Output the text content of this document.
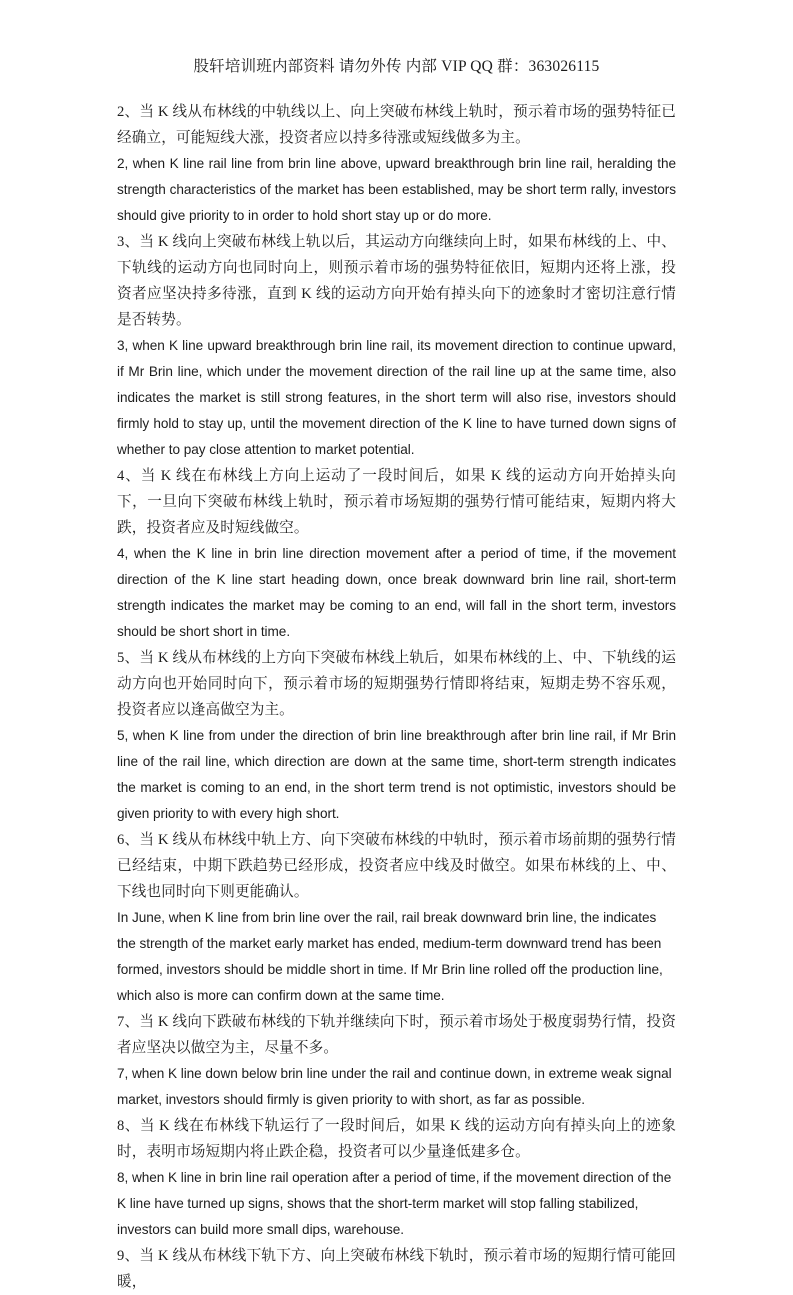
股轩培训班内部资料 请勿外传 内部 VIP QQ 群：363026115

2、当 K 线从布林线的中轨线以上、向上突破布林线上轨时，预示着市场的强势特征已经确立，可能短线大涨，投资者应以持多待涨或短线做多为主。

2, when K line rail line from brin line above, upward breakthrough brin line rail, heralding the strength characteristics of the market has been established, may be short term rally, investors should give priority to in order to hold short stay up or do more.

3、当 K 线向上突破布林线上轨以后，其运动方向继续向上时，如果布林线的上、中、下轨线的运动方向也同时向上，则预示着市场的强势特征依旧，短期内还将上涨，投资者应坚决持多待涨，直到 K 线的运动方向开始有掉头向下的迹象时才密切注意行情是否转势。

3, when K line upward breakthrough brin line rail, its movement direction to continue upward, if Mr Brin line, which under the movement direction of the rail line up at the same time, also indicates the market is still strong features, in the short term will also rise, investors should firmly hold to stay up, until the movement direction of the K line to have turned down signs of whether to pay close attention to market potential.

4、当 K 线在布林线上方向上运动了一段时间后，如果 K 线的运动方向开始掉头向下，一旦向下突破布林线上轨时，预示着市场短期的强势行情可能结束，短期内将大跌，投资者应及时短线做空。

4, when the K line in brin line direction movement after a period of time, if the movement direction of the K line start heading down, once break downward brin line rail, short-term strength indicates the market may be coming to an end, will fall in the short term, investors should be short short in time.

5、当 K 线从布林线的上方向下突破布林线上轨后，如果布林线的上、中、下轨线的运动方向也开始同时向下，预示着市场的短期强势行情即将结束，短期走势不容乐观，投资者应以逢高做空为主。

5, when K line from under the direction of brin line breakthrough after brin line rail, if Mr Brin line of the rail line, which direction are down at the same time, short-term strength indicates the market is coming to an end, in the short term trend is not optimistic, investors should be given priority to with every high short.

6、当 K 线从布林线中轨上方、向下突破布林线的中轨时，预示着市场前期的强势行情已经结束，中期下跌趋势已经形成，投资者应中线及时做空。如果布林线的上、中、下线也同时向下则更能确认。

In June, when K line from brin line over the rail, rail break downward brin line, the indicates the strength of the market early market has ended, medium-term downward trend has been formed, investors should be middle short in time. If Mr Brin line rolled off the production line, which also is more can confirm down at the same time.

7、当 K 线向下跌破布林线的下轨并继续向下时，预示着市场处于极度弱势行情，投资者应坚决以做空为主，尽量不多。

7, when K line down below brin line under the rail and continue down, in extreme weak signal market, investors should firmly is given priority to with short, as far as possible.

8、当 K 线在布林线下轨运行了一段时间后，如果 K 线的运动方向有掉头向上的迹象时，表明市场短期内将止跌企稳，投资者可以少量逢低建多仓。

8, when K line in brin line rail operation after a period of time, if the movement direction of the K line have turned up signs, shows that the short-term market will stop falling stabilized, investors can build more small dips, warehouse.

9、当 K 线从布林线下轨下方、向上突破布林线下轨时，预示着市场的短期行情可能回暖，
